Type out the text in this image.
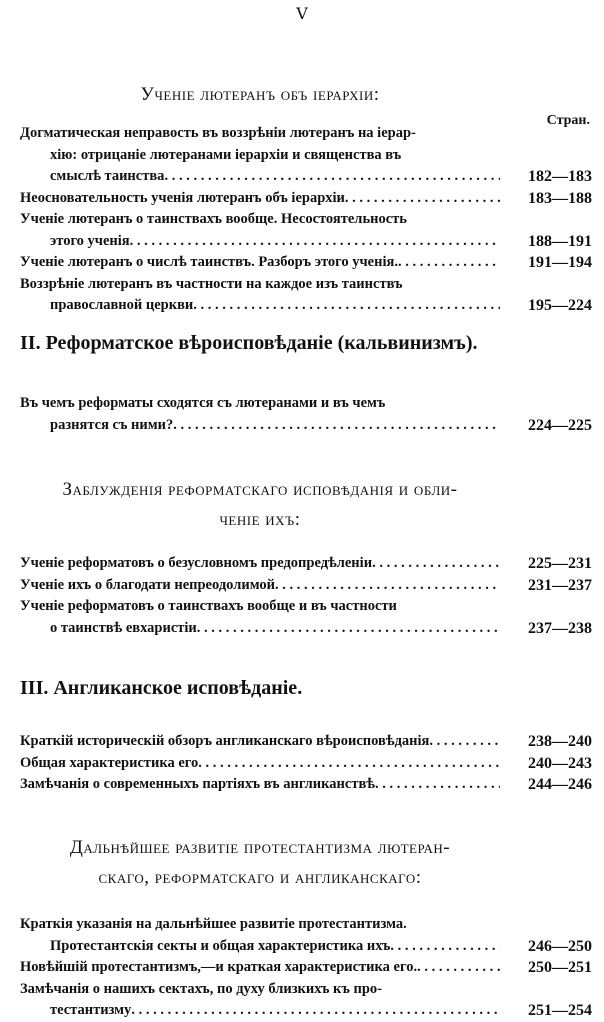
V
Стран.
Ученіе лютеранъ объ іерархіи:
Догматическая неправость въ воззрѣніи лютеранъ на іерар-
хію: отрицаніе лютеранами іерархіи и священства въ
смыслѣ таинства . . .	182—183
Неосновательность ученія лютеранъ объ іерархіи . . .	183—188
Ученіе лютеранъ о таинствахъ вообще. Несостоятельность
этого ученія . . .	188—191
Ученіе лютеранъ о числѣ таинствъ. Разборъ этого ученія. . . .	191—194
Воззрѣніе лютеранъ въ частности на каждое изъ таинствъ
православной церкви . . .	195—224
II. Реформатское вѣроисповѣданіе (кальвинизмъ).
Въ чемъ реформаты сходятся съ лютеранами и въ чемъ
разнятся съ ними? . . .	224—225
Заблужденія реформатскаго исповѣданія и обли-
ченіе ихъ:
Ученіе реформатовъ о безусловномъ предопредѣленіи . . .	225—231
Ученіе ихъ о благодати непреодолимой . . .	231—237
Ученіе реформатовъ о таинствахъ вообще и въ частности
о таинствѣ евхаристіи . . .	237—238
III. Англиканское исповѣданіе.
Краткій историческій обзоръ англиканскаго вѣроисповѣданія . . .	238—240
Общая характеристика его . . .	240—243
Замѣчанія о современныхъ партіяхъ въ англиканствѣ . . .	244—246
Дальнѣйшее развитіе протестантизма лютеран-
скаго, реформатскаго и англиканскаго:
Краткія указанія на дальнѣйшее развитіе протестантизма.
Протестантскія секты и общая характеристика ихъ . . .	246—250
Новѣйшій протестантизмъ,—и краткая характеристика его. . . .	250—251
Замѣчанія о нашихъ сектахъ, по духу близкихъ къ про-
тестантизму . . .	251—254
